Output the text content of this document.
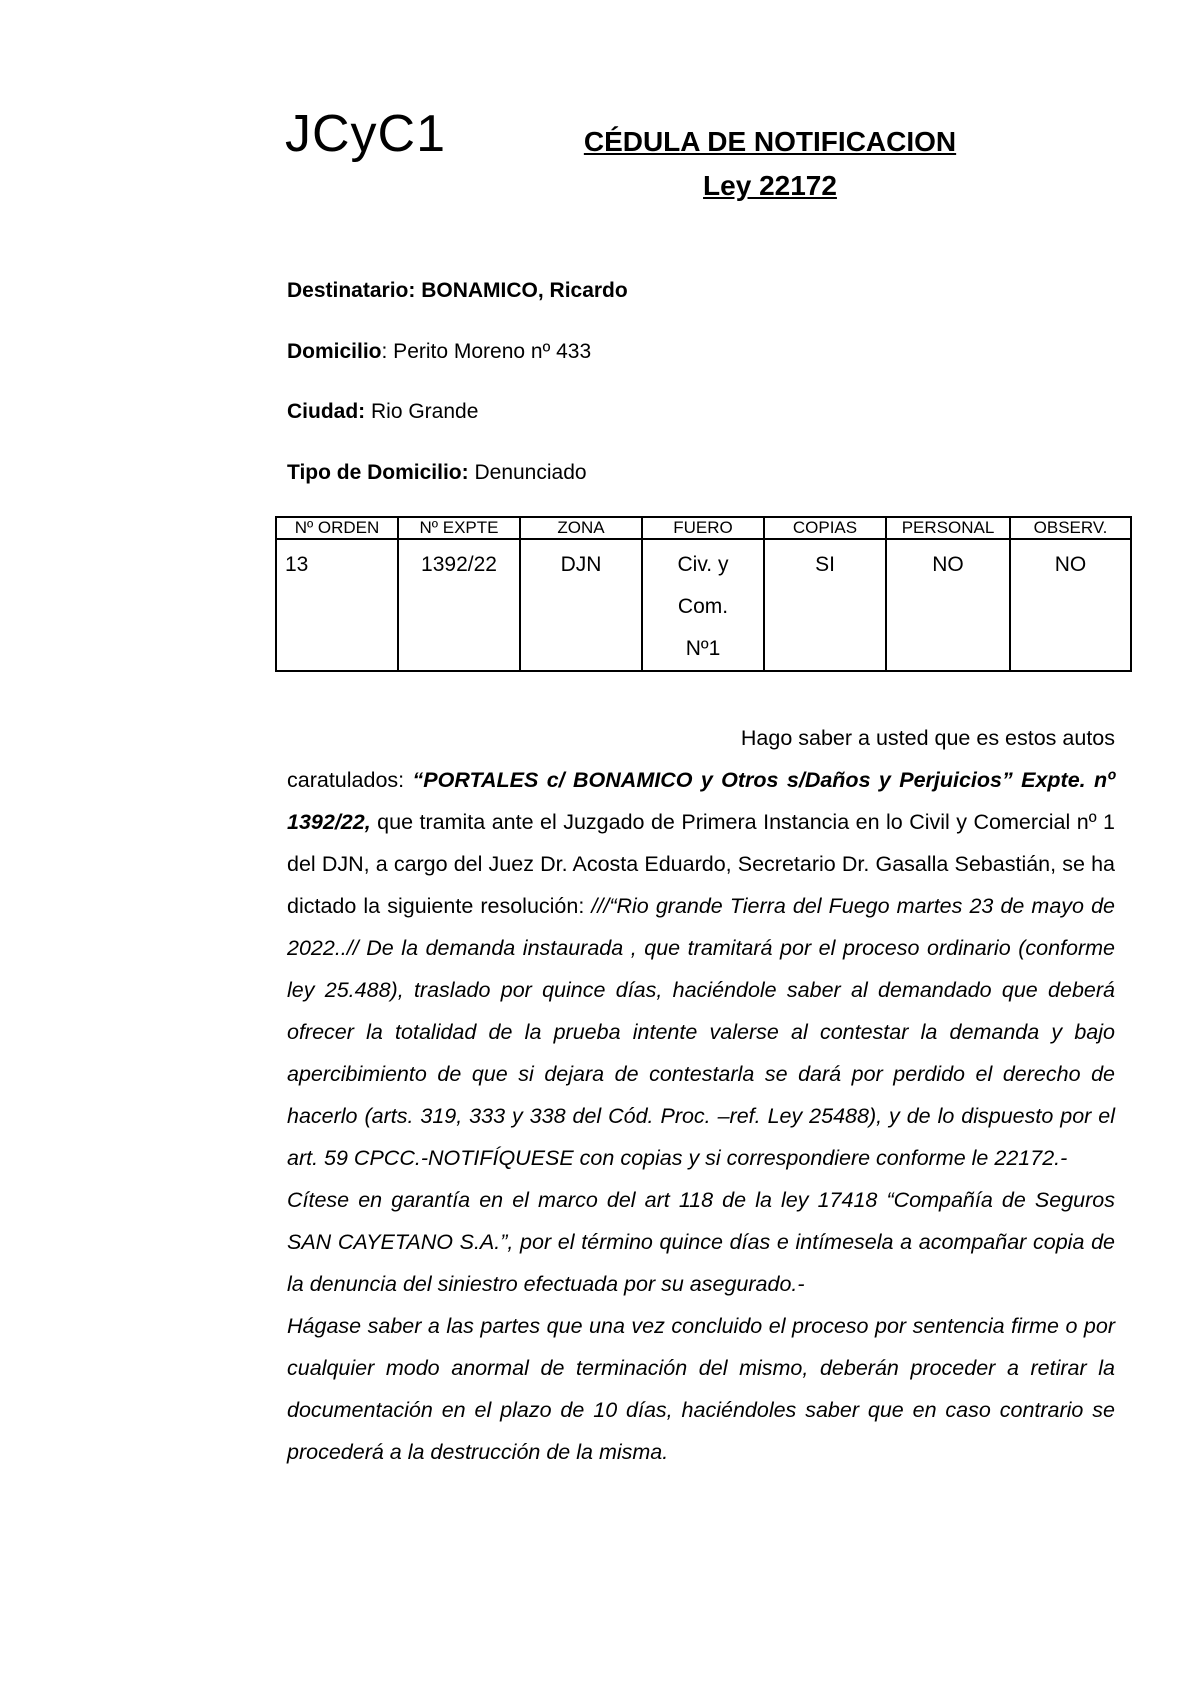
JCyC1	CÉDULA DE NOTIFICACION
Ley 22172
Destinatario: BONAMICO, Ricardo
Domicilio: Perito Moreno nº 433
Ciudad: Rio Grande
Tipo de Domicilio: Denunciado
Nº ORDEN	Nº EXPTE	ZONA	FUERO	COPIAS	PERSONAL	OBSERV.
13	1392/22	DJN	Civ. y Com. Nº1	SI	NO	NO

Hago saber a usted que es estos autos

caratulados: “PORTALES c/ BONAMICO y Otros s/Daños y Perjuicios” Expte. nº 1392/22, que tramita ante el Juzgado de Primera Instancia en lo Civil y Comercial nº 1 del DJN, a cargo del Juez Dr. Acosta Eduardo, Secretario Dr. Gasalla Sebastián, se ha dictado la siguiente resolución: ///“Rio grande Tierra del Fuego martes 23 de mayo de 2022..// De la demanda instaurada , que tramitará por el proceso ordinario (conforme ley 25.488), traslado por quince días, haciéndole saber al demandado que deberá ofrecer la totalidad de la prueba intente valerse al contestar la demanda y bajo apercibimiento de que si dejara de contestarla se dará por perdido el derecho de hacerlo (arts. 319, 333 y 338 del Cód. Proc. –ref. Ley 25488), y de lo dispuesto por el art. 59 CPCC.-NOTIFÍQUESE con copias y si correspondiere conforme le 22172.-

Cítese en garantía en el marco del art 118 de la ley 17418 “Compañía de Seguros SAN CAYETANO S.A.”, por el término quince días e intímesela a acompañar copia de la denuncia del siniestro efectuada por su asegurado.-

Hágase saber a las partes que una vez concluido el proceso por sentencia firme o por cualquier modo anormal de terminación del mismo, deberán proceder a retirar la documentación en el plazo de 10 días, haciéndoles saber que en caso contrario se procederá a la destrucción de la misma.
